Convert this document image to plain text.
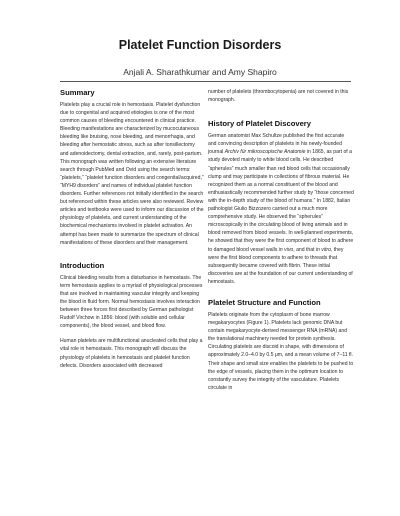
Platelet Function Disorders
Anjali A. Sharathkumar and Amy Shapiro
Summary

Platelets play a crucial role in hemostasis. Platelet dysfunction due to congenital and acquired etiologies is one of the most common causes of bleeding encountered in clinical practice. Bleeding manifestations are characterized by mucocutaneous bleeding like bruising, nose bleeding, and menorrhagia, and bleeding after hemostatic stress, such as after tonsillectomy and adenoidectomy, dental extraction, and, rarely, post-partum. This monograph was written following an extensive literature search through PubMed and Ovid using the search terms: “platelets,” “platelet function disorders and congenital/acquired,” “MYH9 disorders” and names of individual platelet function disorders. Further references not initially identified in the search but referenced within these articles were also reviewed. Review articles and textbooks were used to inform our discussion of the physiology of platelets, and current understanding of the biochemical mechanisms involved in platelet activation. An attempt has been made to summarize the spectrum of clinical manifestations of these disorders and their management.

Introduction

Clinical bleeding results from a disturbance in hemostasis. The term hemostasis applies to a myriad of physiological processes that are involved in maintaining vascular integrity and keeping the blood in fluid form. Normal hemostasis involves interaction between three forces first described by German pathologist Rudolf Virchow in 1856: blood (with soluble and cellular components), the blood vessel, and blood flow.

Human platelets are multifunctional anucleated cells that play a vital role in hemostasis. This monograph will discuss the physiology of platelets in hemostasis and platelet function defects. Disorders associated with decreased

number of platelets (thrombocytopenia) are not covered in this monograph.

History of Platelet Discovery

German anatomist Max Schultze published the first accurate and convincing description of platelets in his newly-founded journal Archiv für mikroscopische Anatomie in 1865, as part of a study devoted mainly to white blood cells. He described “spherules” much smaller than red blood cells that occasionally clump and may participate in collections of fibrous material. He recognized them as a normal constituent of the blood and enthusiastically recommended further study by “those concerned with the in-depth study of the blood of humans.” In 1882, Italian pathologist Giulio Bizzozero carried out a much more comprehensive study. He observed the “spherules” microscopically in the circulating blood of living animals and in blood removed from blood vessels. In well-planned experiments, he showed that they were the first component of blood to adhere to damaged blood vessel walls in vivo, and that in vitro, they were the first blood components to adhere to threads that subsequently became covered with fibrin. These initial discoveries are at the foundation of our current understanding of hemostasis.

Platelet Structure and Function

Platelets originate from the cytoplasm of bone marrow megakaryocytes (Figure 1). Platelets lack genomic DNA but contain megakaryocyte-derived messenger RNA (mRNA) and the translational machinery needed for protein synthesis. Circulating platelets are discoid in shape, with dimensions of approximately 2.0–4.0 by 0.5 μm, and a mean volume of 7–11 fl. Their shape and small size enables the platelets to be pushed to the edge of vessels, placing them in the optimum location to constantly survey the integrity of the vasculature. Platelets circulate in
